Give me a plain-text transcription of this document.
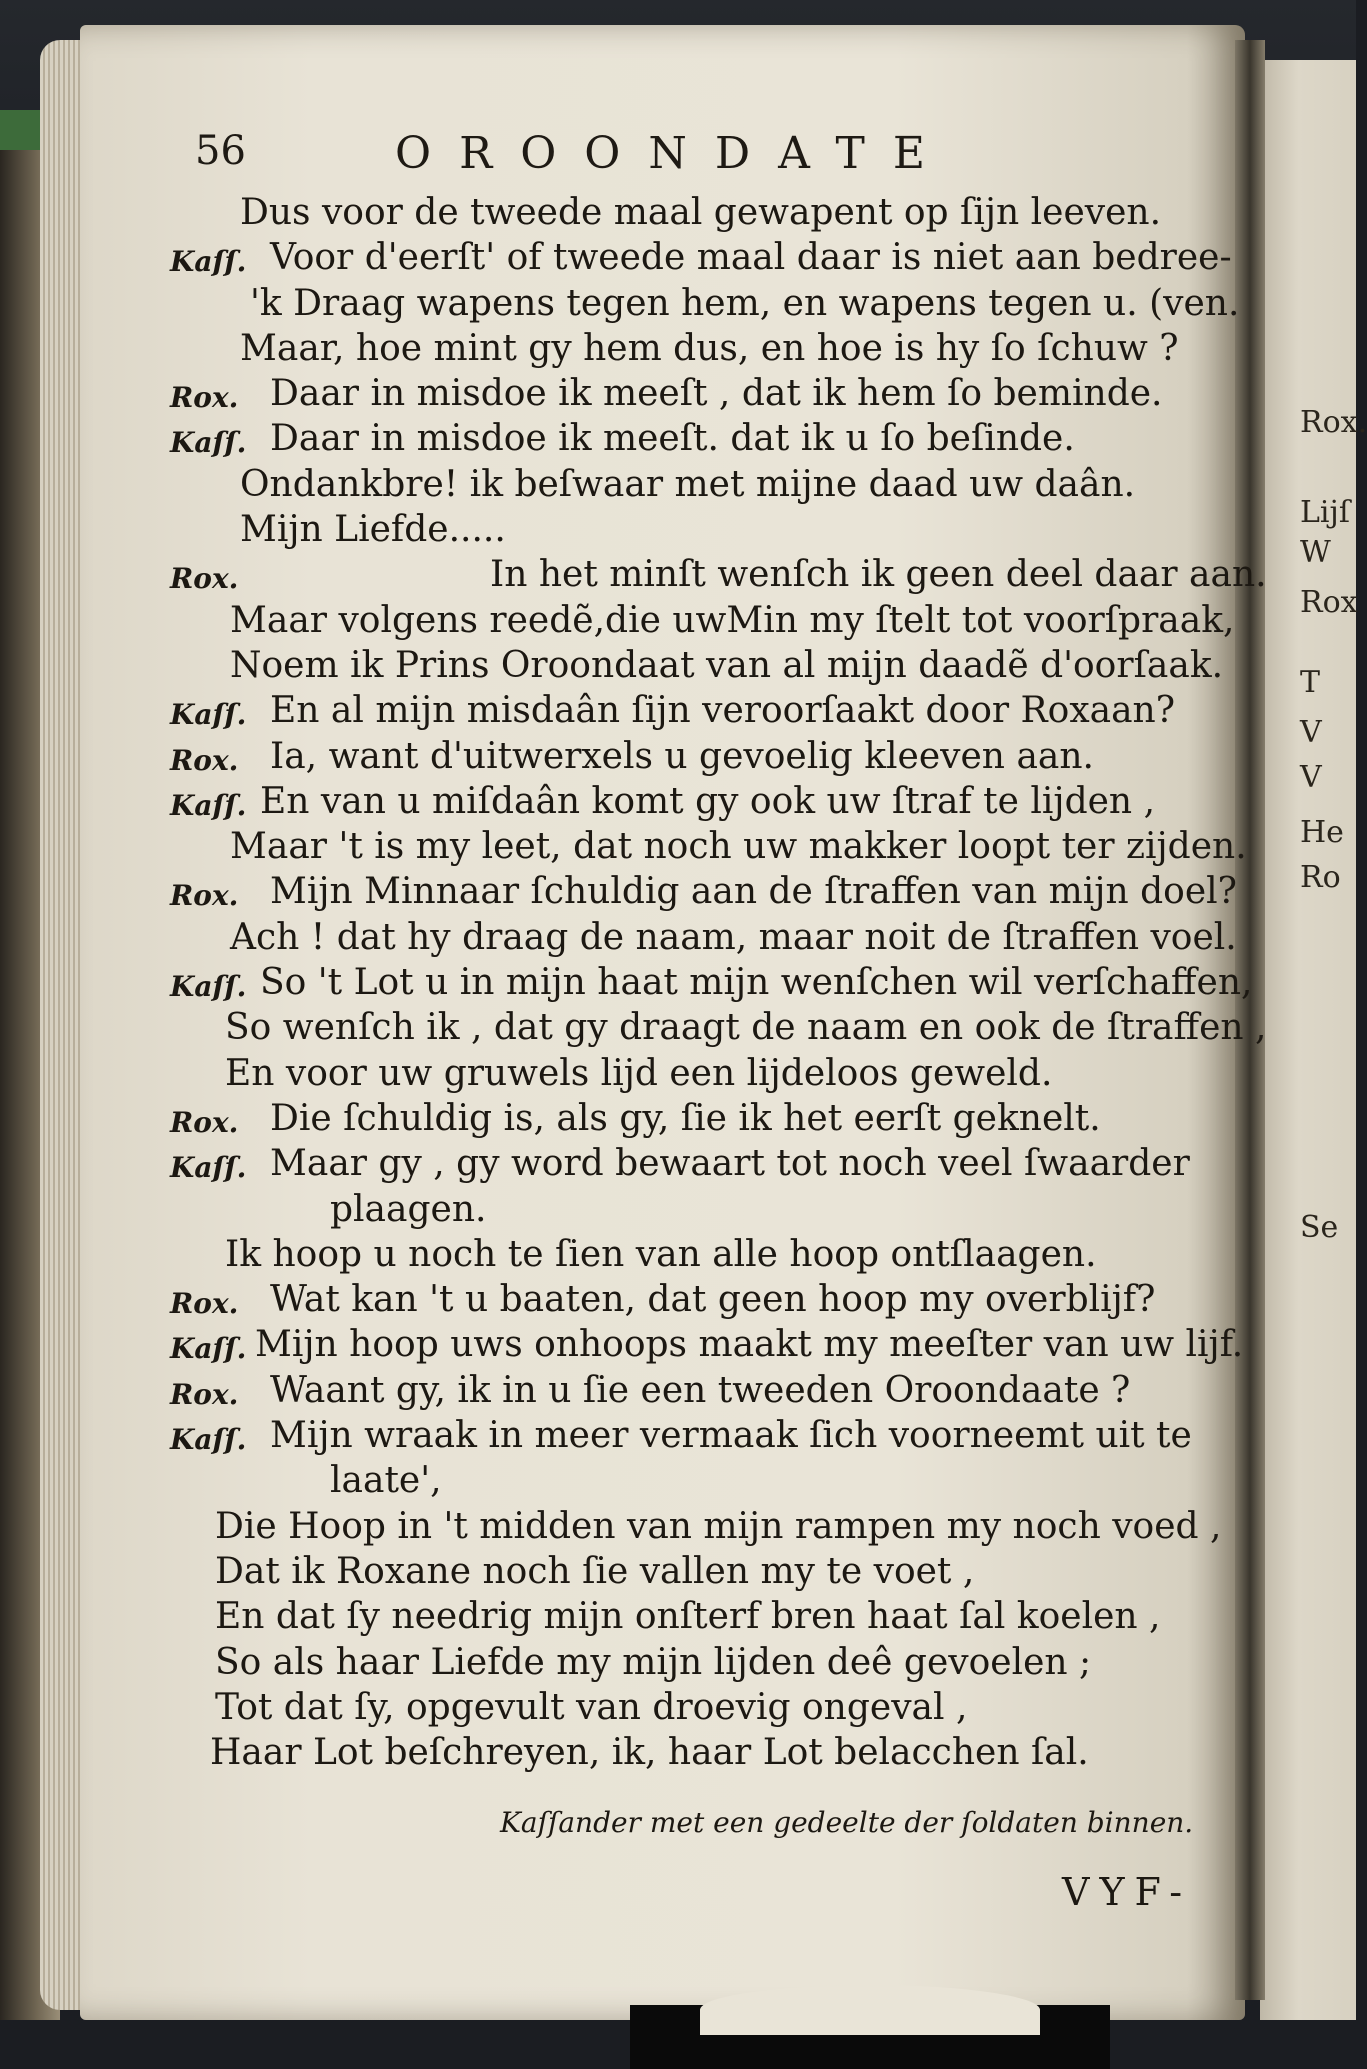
Rox.
Lijſ
W
Rox
T
V
V
He
Ro
Se
56	OROONDATE
Dus voor de tweede maal gewapent op ſijn leeven.
Kaſſ. Voor d'eerſt' of tweede maal daar is niet aan bedree-
'k Draag wapens tegen hem, en wapens tegen u. (ven.
Maar, hoe mint gy hem dus, en hoe is hy ſo ſchuw ?
Rox. Daar in misdoe ik meeſt , dat ik hem ſo beminde.
Kaſſ. Daar in misdoe ik meeſt. dat ik u ſo beſinde.
Ondankbre! ik beſwaar met mijne daad uw daân.
Mijn Liefde.....
Rox.	In het minſt wenſch ik geen deel daar aan.
Maar volgens reedẽ,die uwMin my ſtelt tot voorſpraak,
Noem ik Prins Oroondaat van al mijn daadẽ d'oorſaak.
Kaſſ. En al mijn misdaân ſijn veroorſaakt door Roxaan?
Rox. Ia, want d'uitwerxels u gevoelig kleeven aan.
Kaſſ. En van u miſdaân komt gy ook uw ſtraf te lijden ,
Maar 't is my leet, dat noch uw makker loopt ter zijden.
Rox. Mijn Minnaar ſchuldig aan de ſtraffen van mijn doel?
Ach ! dat hy draag de naam, maar noit de ſtraffen voel.
Kaſſ. So 't Lot u in mijn haat mijn wenſchen wil verſchaffen,
So wenſch ik , dat gy draagt de naam en ook de ſtraffen ,
En voor uw gruwels lijd een lijdeloos geweld.
Rox. Die ſchuldig is, als gy, ſie ik het eerſt geknelt.
Kaſſ. Maar gy , gy word bewaart tot noch veel ſwaarder
plaagen.
Ik hoop u noch te ſien van alle hoop ontſlaagen.
Rox. Wat kan 't u baaten, dat geen hoop my overblijf?
Kaſſ. Mijn hoop uws onhoops maakt my meeſter van uw lijf.
Rox. Waant gy, ik in u ſie een tweeden Oroondaate ?
Kaſſ. Mijn wraak in meer vermaak ſich voorneemt uit te
laate',
Die Hoop in 't midden van mijn rampen my noch voed ,
Dat ik Roxane noch ſie vallen my te voet ,
En dat ſy needrig mijn onſterf bren haat ſal koelen ,
So als haar Liefde my mijn lijden deê gevoelen ;
Tot dat ſy, opgevult van droevig ongeval ,
Haar Lot beſchreyen, ik, haar Lot belacchen ſal.
Kaſſander met een gedeelte der ſoldaten binnen.
VYF-
